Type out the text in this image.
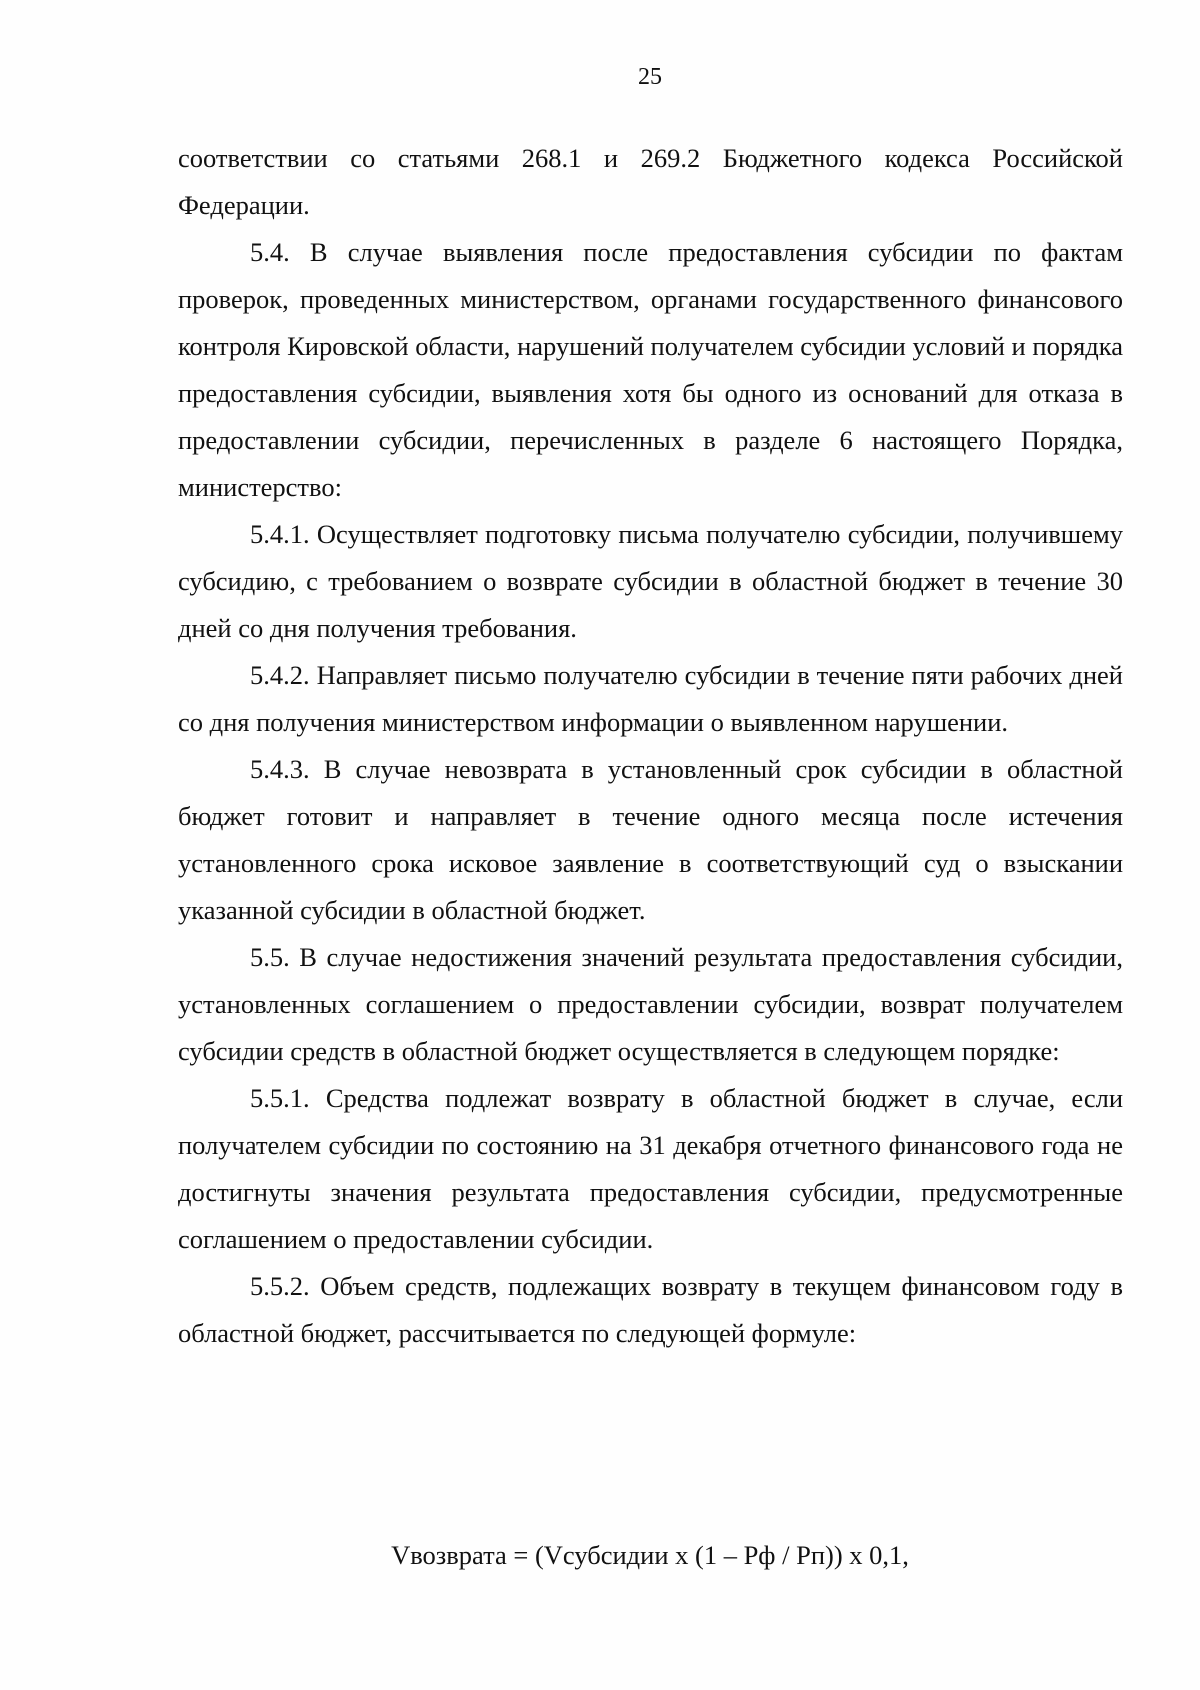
25

соответствии со статьями 268.1 и 269.2 Бюджетного кодекса Российской Федерации.

5.4. В случае выявления после предоставления субсидии по фактам проверок, проведенных министерством, органами государственного финансового контроля Кировской области, нарушений получателем субсидии условий и порядка предоставления субсидии, выявления хотя бы одного из оснований для отказа в предоставлении субсидии, перечисленных в разделе 6 настоящего Порядка, министерство:

5.4.1. Осуществляет подготовку письма получателю субсидии, получившему субсидию, с требованием о возврате субсидии в областной бюджет в течение 30 дней со дня получения требования.

5.4.2. Направляет письмо получателю субсидии в течение пяти рабочих дней со дня получения министерством информации о выявленном нарушении.

5.4.3. В случае невозврата в установленный срок субсидии в областной бюджет готовит и направляет в течение одного месяца после истечения установленного срока исковое заявление в соответствующий суд о взыскании указанной субсидии в областной бюджет.

5.5. В случае недостижения значений результата предоставления субсидии, установленных соглашением о предоставлении субсидии, возврат получателем субсидии средств в областной бюджет осуществляется в следующем порядке:

5.5.1. Средства подлежат возврату в областной бюджет в случае, если получателем субсидии по состоянию на 31 декабря отчетного финансового года не достигнуты значения результата предоставления субсидии, предусмотренные соглашением о предоставлении субсидии.

5.5.2. Объем средств, подлежащих возврату в текущем финансовом году в областной бюджет, рассчитывается по следующей формуле:

Vвозврата = (Vсубсидии x (1 – Рф / Рп)) x 0,1,
